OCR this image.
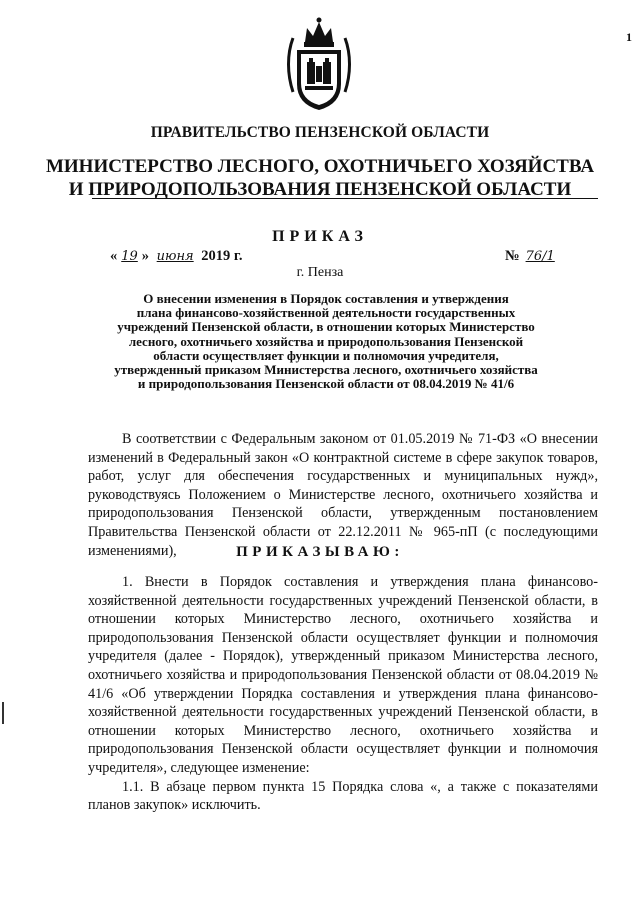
1
ПРАВИТЕЛЬСТВО ПЕНЗЕНСКОЙ ОБЛАСТИ
МИНИСТЕРСТВО ЛЕСНОГО, ОХОТНИЧЬЕГО ХОЗЯЙСТВА
И ПРИРОДОПОЛЬЗОВАНИЯ ПЕНЗЕНСКОЙ ОБЛАСТИ
ПРИКАЗ
« 19 » июня 2019 г.	№ 76/1
г. Пенза
О внесении изменения в Порядок составления и утверждения
плана финансово-хозяйственной деятельности государственных
учреждений Пензенской области, в отношении которых Министерство
лесного, охотничьего хозяйства и природопользования Пензенской
области осуществляет функции и полномочия учредителя,
утвержденный приказом Министерства лесного, охотничьего хозяйства
и природопользования Пензенской области от 08.04.2019 № 41/6

В соответствии с Федеральным законом от 01.05.2019 № 71-ФЗ «О внесении изменений в Федеральный закон «О контрактной системе в сфере закупок товаров, работ, услуг для обеспечения государственных и муниципальных нужд», руководствуясь Положением о Министерстве лесного, охотничьего хозяйства и природопользования Пензенской области, утвержденным постановлением Правительства Пензенской области от 22.12.2011 № 965-пП (с последующими изменениями),	ПРИКАЗЫВАЮ:

1. Внести в Порядок составления и утверждения плана финансово-хозяйственной деятельности государственных учреждений Пензенской области, в отношении которых Министерство лесного, охотничьего хозяйства и природопользования Пензенской области осуществляет функции и полномочия учредителя (далее - Порядок), утвержденный приказом Министерства лесного, охотничьего хозяйства и природопользования Пензенской области от 08.04.2019 № 41/6 «Об утверждении Порядка составления и утверждения плана финансово-хозяйственной деятельности государственных учреждений Пензенской области, в отношении которых Министерство лесного, охотничьего хозяйства и природопользования Пензенской области осуществляет функции и полномочия учредителя», следующее изменение:

1.1. В абзаце первом пункта 15 Порядка слова «, а также с показателями планов закупок» исключить.
